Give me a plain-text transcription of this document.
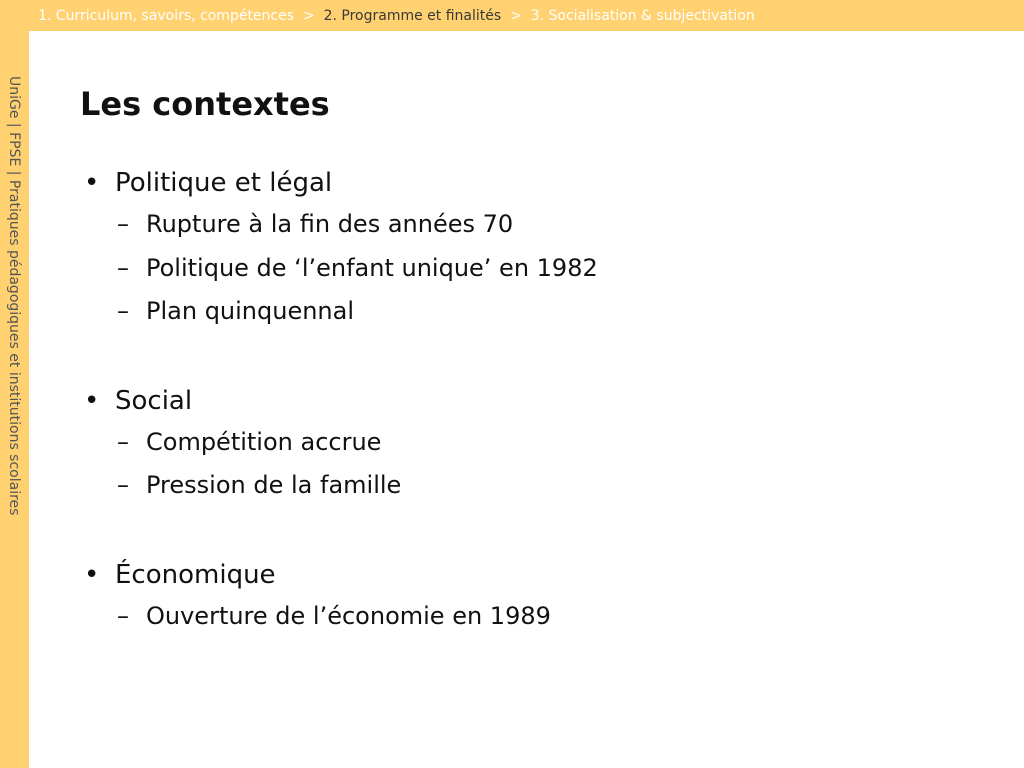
1. Curriculum, savoirs, compétences > 2. Programme et finalités > 3. Socialisation & subjectivation
UniGe | FPSE | Pratiques pédagogiques et institutions scolaires Les contextes
• Politique et légal
– Rupture à la fin des années 70
– Politique de ‘l’enfant unique’ en 1982
– Plan quinquennal
• Social
– Compétition accrue
– Pression de la famille
• Économique
– Ouverture de l’économie en 1989
